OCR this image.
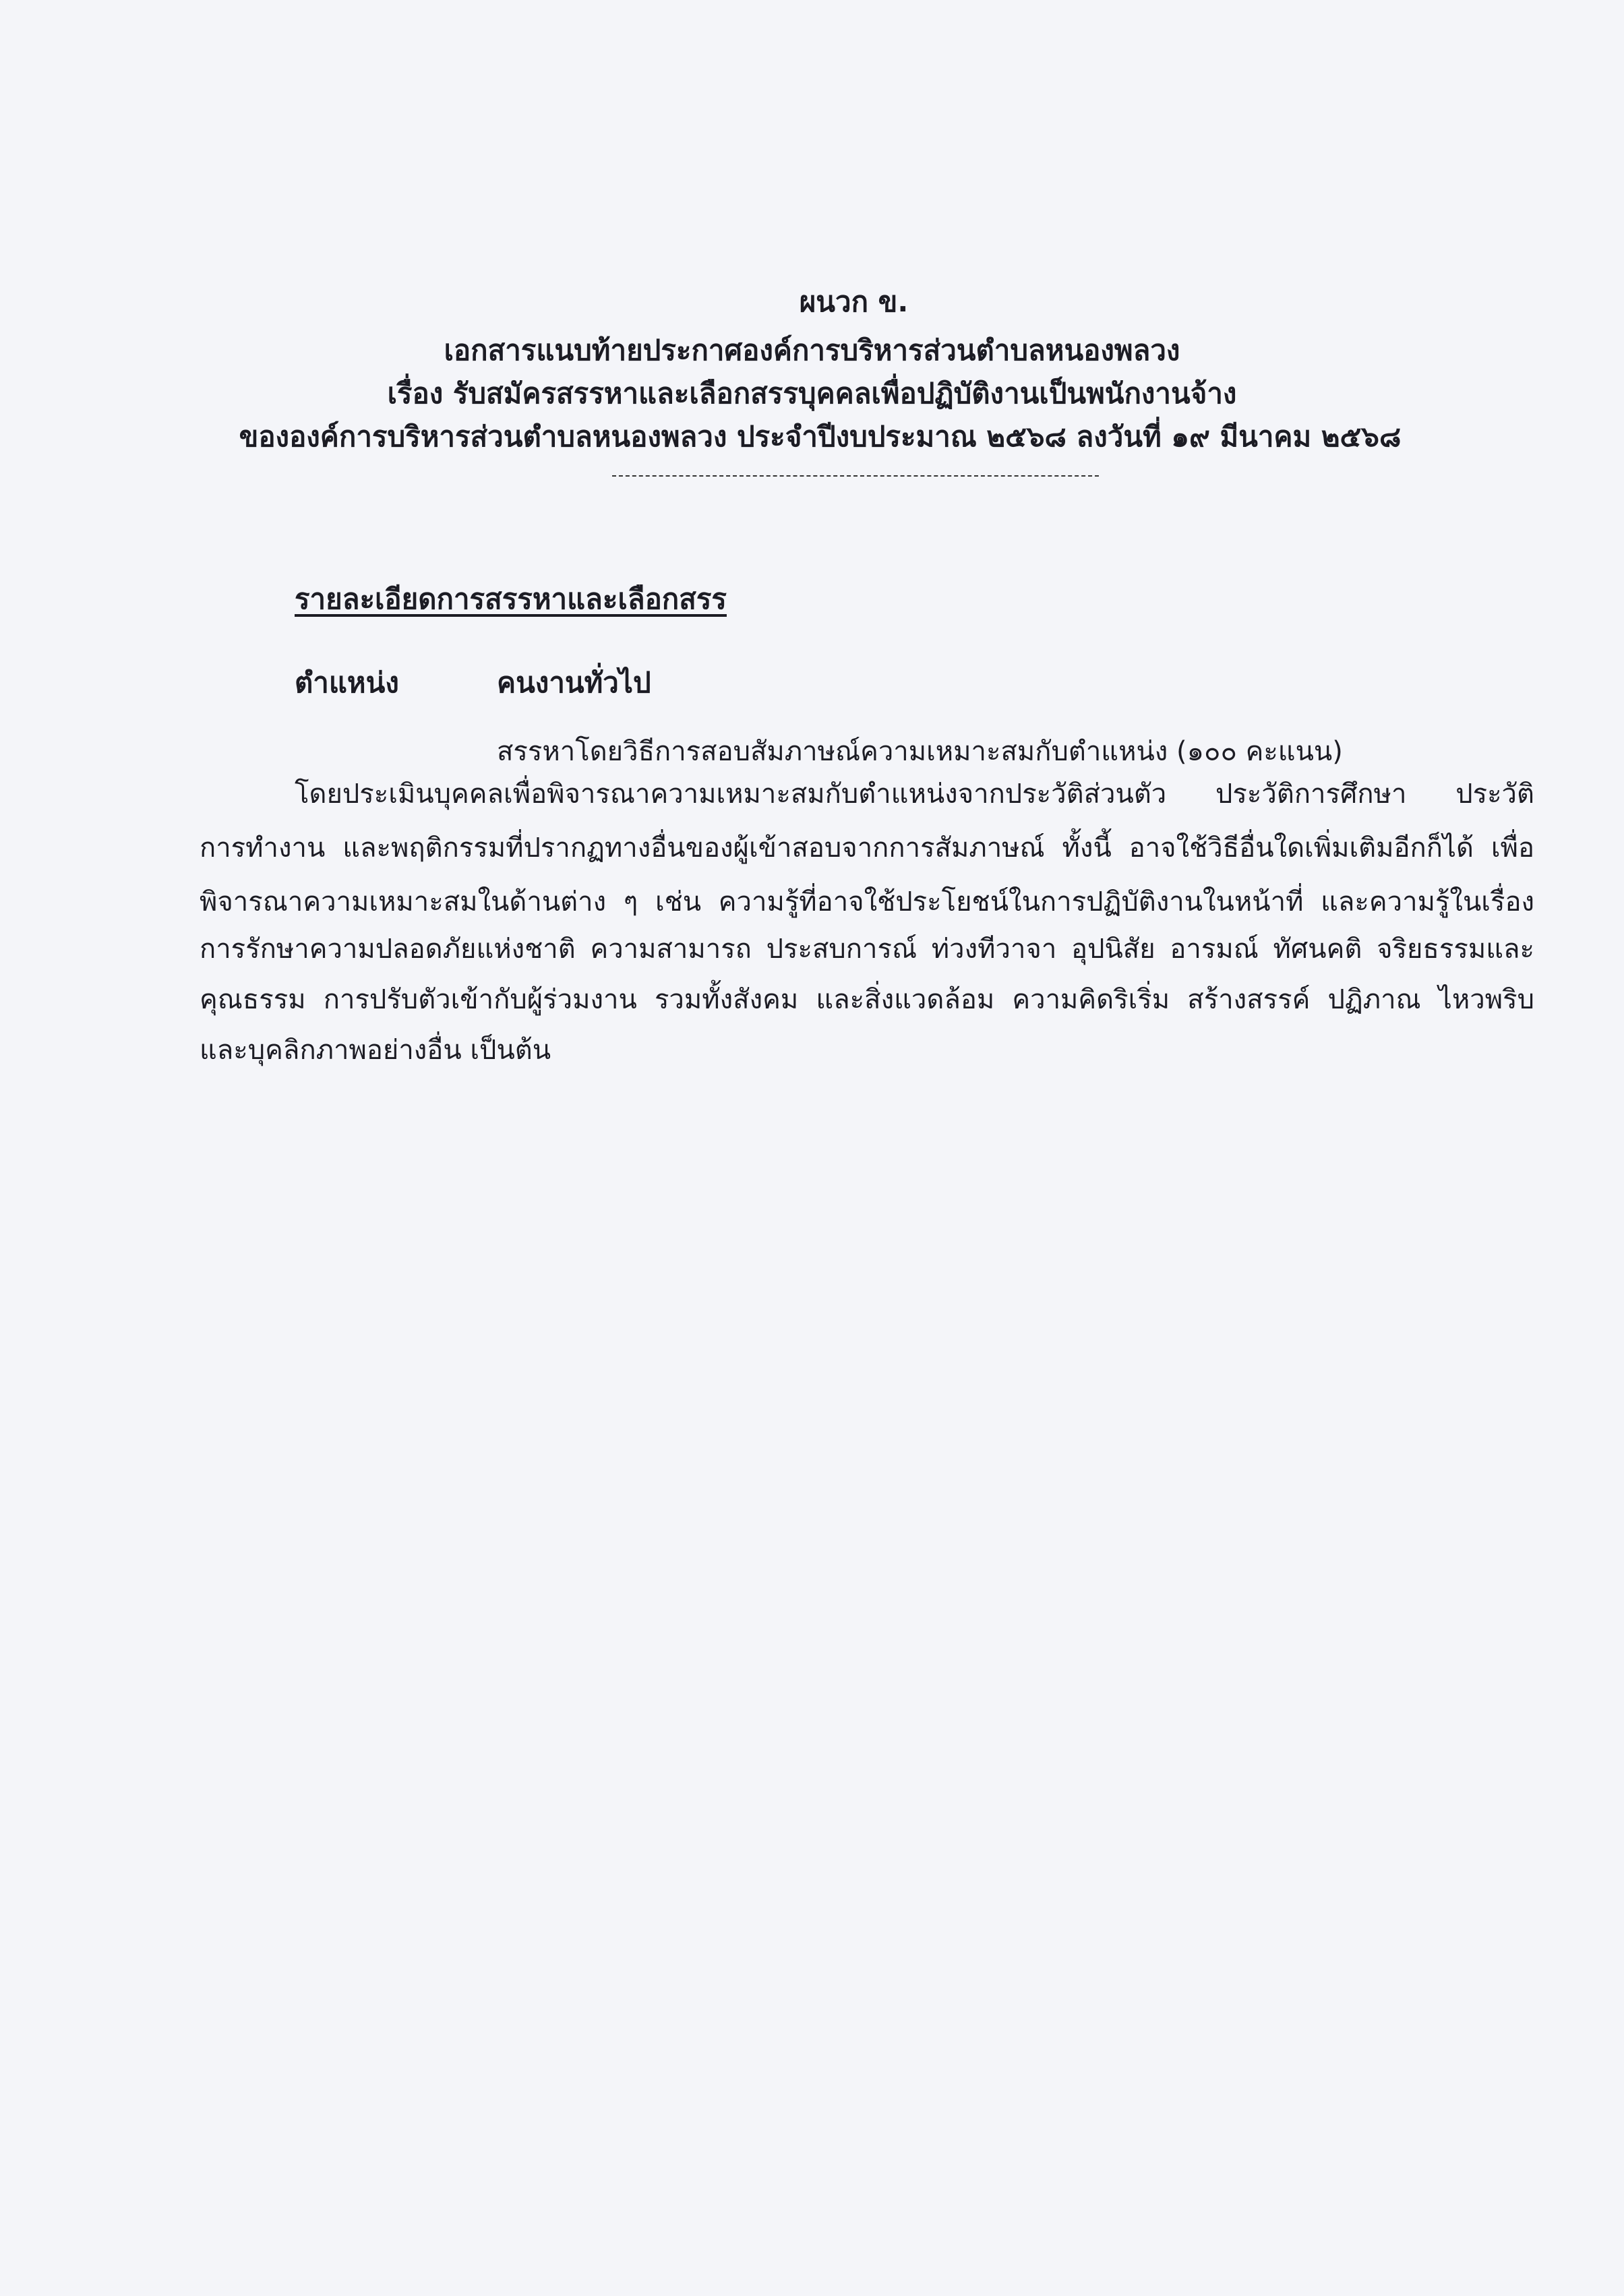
ผนวก ข.
เอกสารแนบท้ายประกาศองค์การบริหารส่วนตำบลหนองพลวง
เรื่อง รับสมัครสรรหาและเลือกสรรบุคคลเพื่อปฏิบัติงานเป็นพนักงานจ้าง
ขององค์การบริหารส่วนตำบลหนองพลวง ประจำปีงบประมาณ ๒๕๖๘ ลงวันที่ ๑๙ มีนาคม ๒๕๖๘
รายละเอียดการสรรหาและเลือกสรร
ตำแหน่ง	คนงานทั่วไป
สรรหาโดยวิธีการสอบสัมภาษณ์ความเหมาะสมกับตำแหน่ง (๑๐๐ คะแนน)
โดยประเมินบุคคลเพื่อพิจารณาความเหมาะสมกับตำแหน่งจากประวัติส่วนตัว ประวัติการศึกษา ประวัติ
การทำงาน และพฤติกรรมที่ปรากฏทางอื่นของผู้เข้าสอบจากการสัมภาษณ์ ทั้งนี้ อาจใช้วิธีอื่นใดเพิ่มเติมอีกก็ได้ เพื่อ
พิจารณาความเหมาะสมในด้านต่าง ๆ เช่น ความรู้ที่อาจใช้ประโยชน์ในการปฏิบัติงานในหน้าที่ และความรู้ในเรื่อง
การรักษาความปลอดภัยแห่งชาติ ความสามารถ ประสบการณ์ ท่วงทีวาจา อุปนิสัย อารมณ์ ทัศนคติ จริยธรรมและ
คุณธรรม การปรับตัวเข้ากับผู้ร่วมงาน รวมทั้งสังคม และสิ่งแวดล้อม ความคิดริเริ่ม สร้างสรรค์ ปฏิภาณ ไหวพริบ
และบุคลิกภาพอย่างอื่น เป็นต้น
